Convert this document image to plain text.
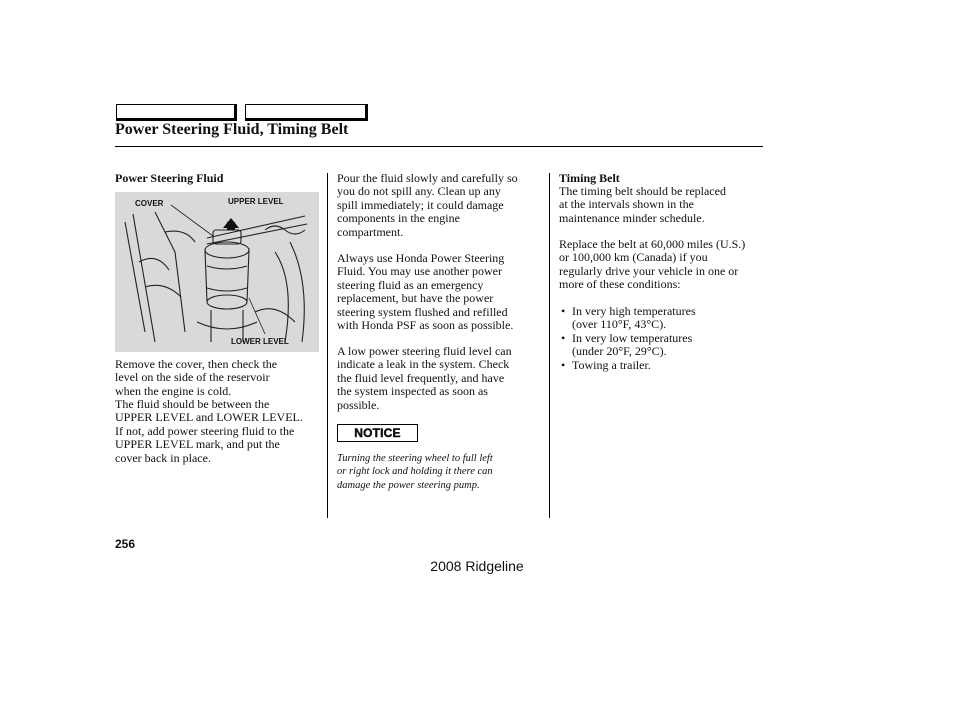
Power Steering Fluid, Timing Belt
Power Steering Fluid
COVER	UPPER LEVEL
LOWER LEVEL
Remove the cover, then check the
level on the side of the reservoir
when the engine is cold.
The fluid should be between the
UPPER LEVEL and LOWER LEVEL.
If not, add power steering fluid to the
UPPER LEVEL mark, and put the
cover back in place.
Pour the fluid slowly and carefully so
you do not spill any. Clean up any
spill immediately; it could damage
components in the engine
compartment.
Always use Honda Power Steering
Fluid. You may use another power
steering fluid as an emergency
replacement, but have the power
steering system flushed and refilled
with Honda PSF as soon as possible.
A low power steering fluid level can
indicate a leak in the system. Check
the fluid level frequently, and have
the system inspected as soon as
possible.
NOTICE
Turning the steering wheel to full left
or right lock and holding it there can
damage the power steering pump.
Timing Belt
The timing belt should be replaced
at the intervals shown in the
maintenance minder schedule.
Replace the belt at 60,000 miles (U.S.)
or 100,000 km (Canada) if you
regularly drive your vehicle in one or
more of these conditions:
• In very high temperatures
(over 110°F, 43°C).
• In very low temperatures
(under 20°F, 29°C).
• Towing a trailer.
256
2008 Ridgeline
